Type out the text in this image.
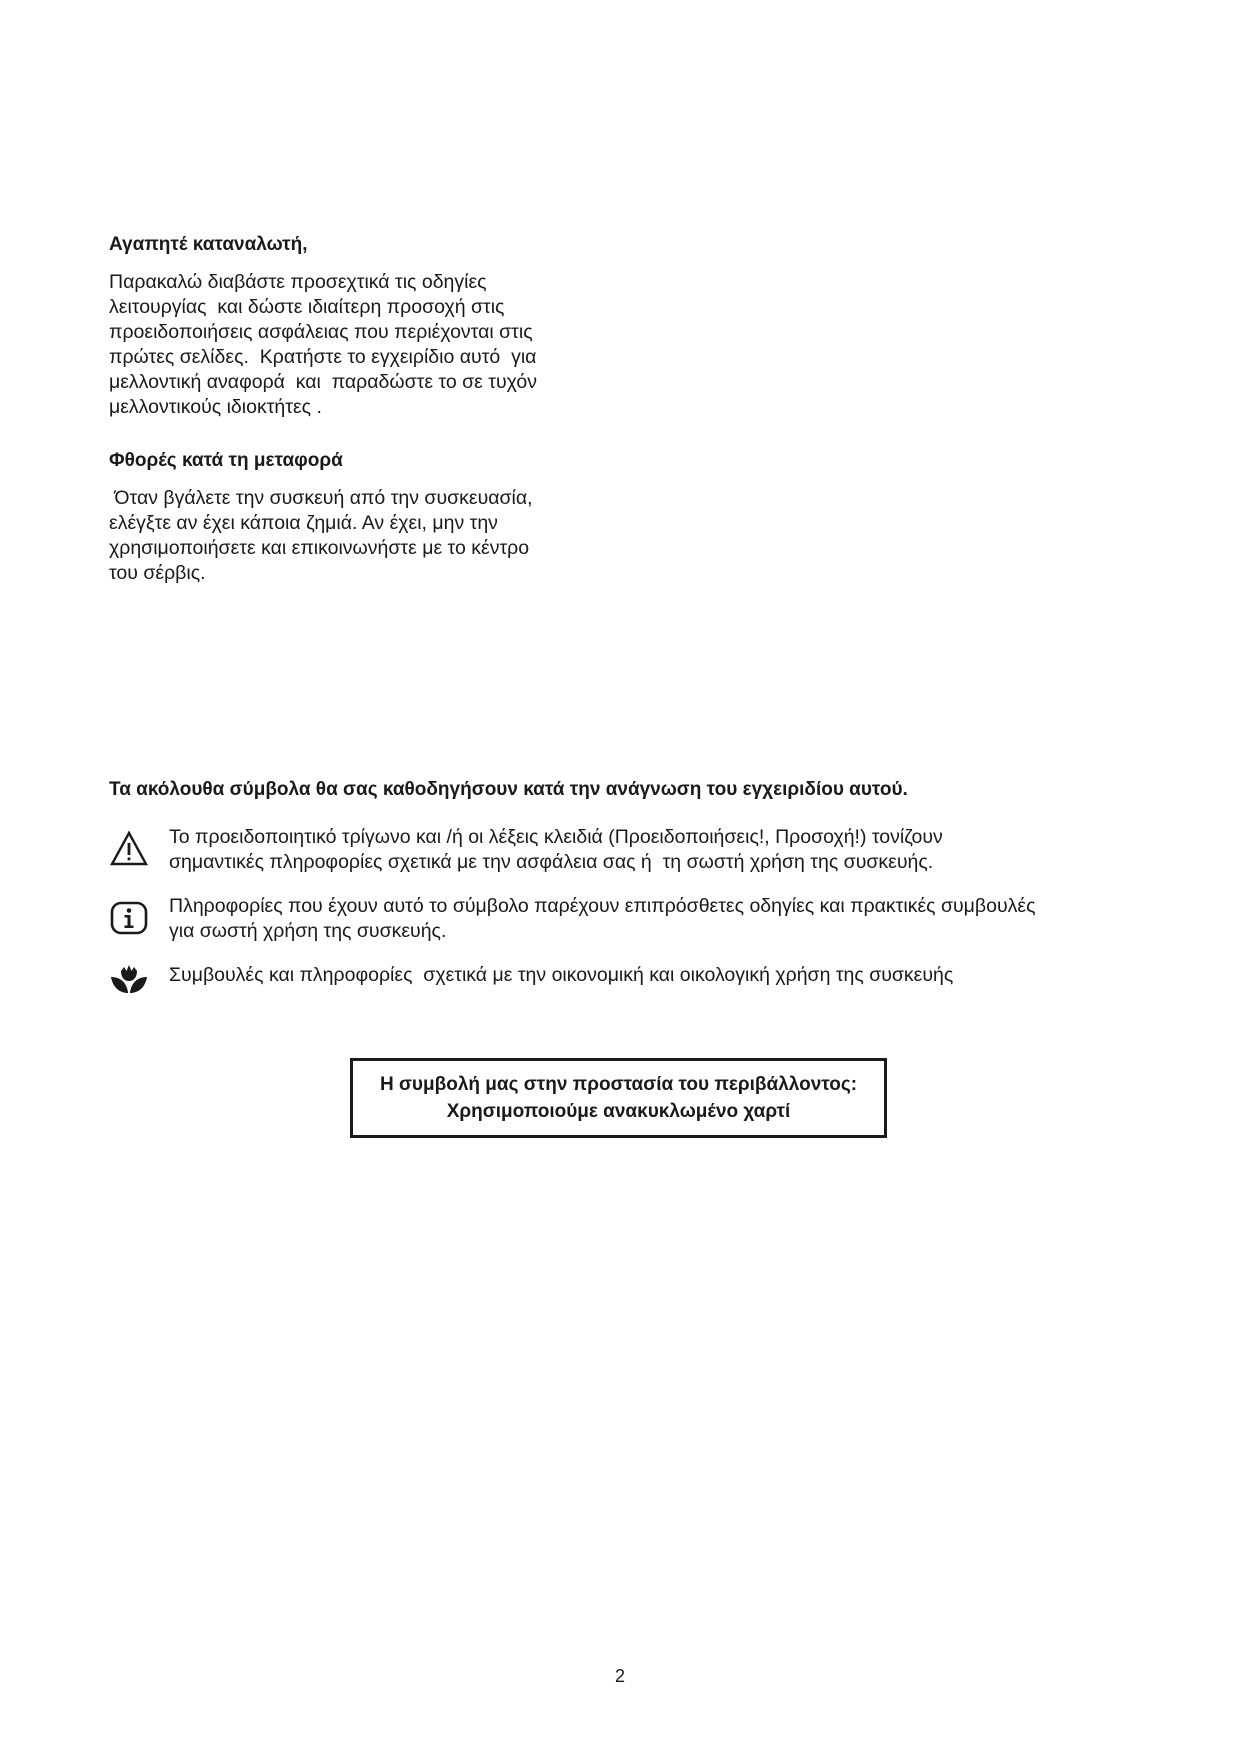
Αγαπητέ καταναλωτή,
Παρακαλώ διαβάστε προσεχτικά τις οδηγίες
λειτουργίας  και δώστε ιδιαίτερη προσοχή στις
προειδοποιήσεις ασφάλειας που περιέχονται στις
πρώτες σελίδες.  Κρατήστε το εγχειρίδιο αυτό  για
μελλοντική αναφορά  και  παραδώστε το σε τυχόν
μελλοντικούς ιδιοκτήτες .
Φθορές κατά τη μεταφορά
Όταν βγάλετε την συσκευή από την συσκευασία,
ελέγξτε αν έχει κάποια ζημιά. Αν έχει, μην την
χρησιμοποιήσετε και επικοινωνήστε με το κέντρο
του σέρβις.
Τα ακόλουθα σύμβολα θα σας καθοδηγήσουν κατά την ανάγνωση του εγχειριδίου αυτού.
Το προειδοποιητικό τρίγωνο και /ή οι λέξεις κλειδιά (Προειδοποιήσεις!, Προσοχή!) τονίζουν
σημαντικές πληροφορίες σχετικά με την ασφάλεια σας ή  τη σωστή χρήση της συσκευής.
Πληροφορίες που έχουν αυτό το σύμβολο παρέχουν επιπρόσθετες οδηγίες και πρακτικές συμβουλές
για σωστή χρήση της συσκευής.
Συμβουλές και πληροφορίες  σχετικά με την οικονομική και οικολογική χρήση της συσκευής
Η συμβολή μας στην προστασία του περιβάλλοντος:
Χρησιμοποιούμε ανακυκλωμένο χαρτί
2
